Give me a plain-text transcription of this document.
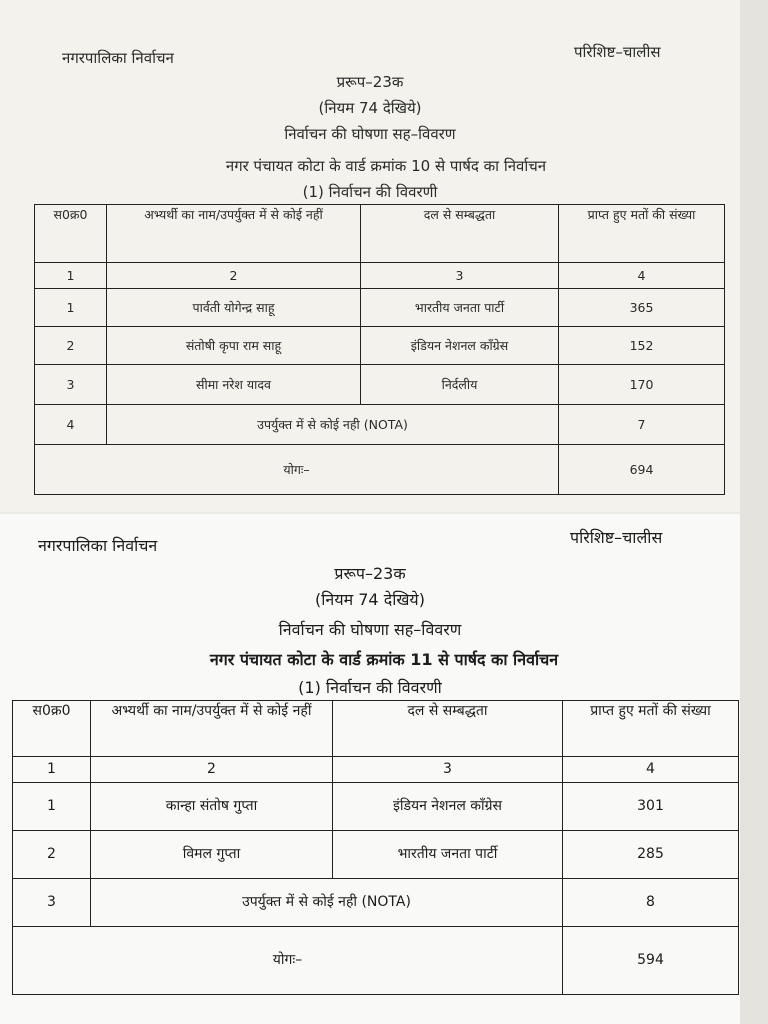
नगरपालिका निर्वाचन	परिशिष्ट–चालीस
प्ररूप–23क
(नियम 74 देखिये)
निर्वाचन की घोषणा सह–विवरण
नगर पंचायत कोटा के वार्ड क्रमांक 10 से पार्षद का निर्वाचन
(1) निर्वाचन की विवरणी
स0क्र0	अभ्यर्थी का नाम/उपर्युक्त में से कोई नहीं	दल से सम्बद्धता	प्राप्त हुए मतों की संख्या
1	2	3	4
1	पार्वती योगेन्द्र साहू	भारतीय जनता पार्टी	365
2	संतोषी कृपा राम साहू	इंडियन नेशनल कॉंग्रेस	152
3	सीमा नरेश यादव	निर्दलीय	170
4	उपर्युक्त में से कोई नही (NOTA)		7
योगः–			694
नगरपालिका निर्वाचन	परिशिष्ट–चालीस
प्ररूप–23क
(नियम 74 देखिये)
निर्वाचन की घोषणा सह–विवरण
नगर पंचायत कोटा के वार्ड क्रमांक 11 से पार्षद का निर्वाचन
(1) निर्वाचन की विवरणी
स0क्र0	अभ्यर्थी का नाम/उपर्युक्त में से कोई नहीं	दल से सम्बद्धता	प्राप्त हुए मतों की संख्या
1	2	3	4
1	कान्हा संतोष गुप्ता	इंडियन नेशनल कॉंग्रेस	301
2	विमल गुप्ता	भारतीय जनता पार्टी	285
3	उपर्युक्त में से कोई नही (NOTA)		8
योगः–			594
